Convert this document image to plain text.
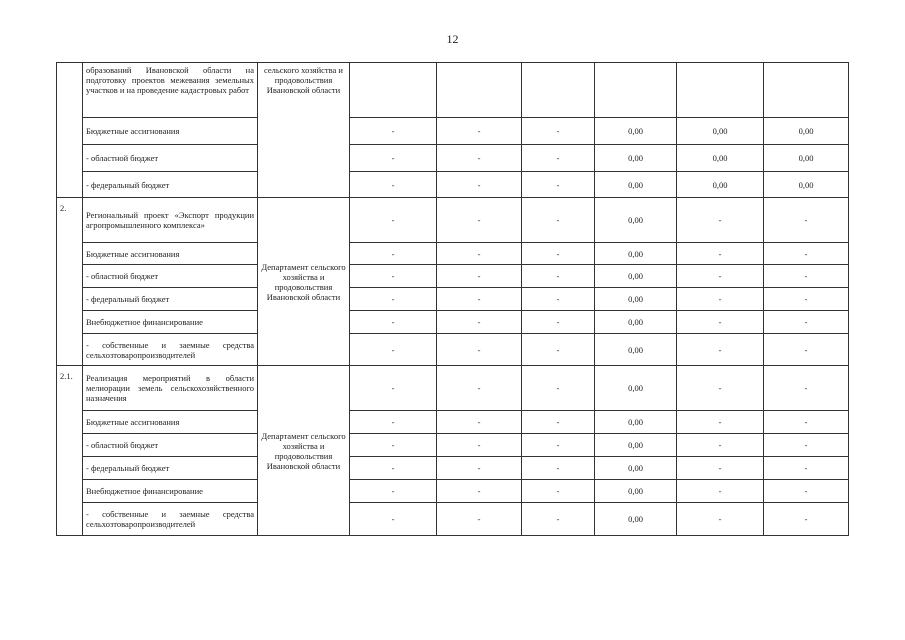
12
	образований Ивановской области на подготовку проектов межевания земельных участков и на проведение кадастровых работ	сельского хозяйства и продовольствия Ивановской области						
	Бюджетные ассигнования		-	-	-	0,00	0,00	0,00
	- областной бюджет		-	-	-	0,00	0,00	0,00
	- федеральный бюджет		-	-	-	0,00	0,00	0,00
2.	Региональный проект «Экспорт продукции агропромышленного комплекса»	Департамент сельского хозяйства и продовольствия Ивановской области	-	-	-	0,00	-	-
	Бюджетные ассигнования		-	-	-	0,00	-	-
	- областной бюджет		-	-	-	0,00	-	-
	- федеральный бюджет		-	-	-	0,00	-	-
	Внебюджетное финансирование		-	-	-	0,00	-	-
	- собственные и заемные средства сельхозтоваропроизводителей		-	-	-	0,00	-	-
2.1.	Реализация мероприятий в области мелиорации земель сельскохозяйственного назначения	Департамент сельского хозяйства и продовольствия Ивановской области	-	-	-	0,00	-	-
	Бюджетные ассигнования		-	-	-	0,00	-	-
	- областной бюджет		-	-	-	0,00	-	-
	- федеральный бюджет		-	-	-	0,00	-	-
	Внебюджетное финансирование		-	-	-	0,00	-	-
	- собственные и заемные средства сельхозтоваропроизводителей		-	-	-	0,00	-	-
